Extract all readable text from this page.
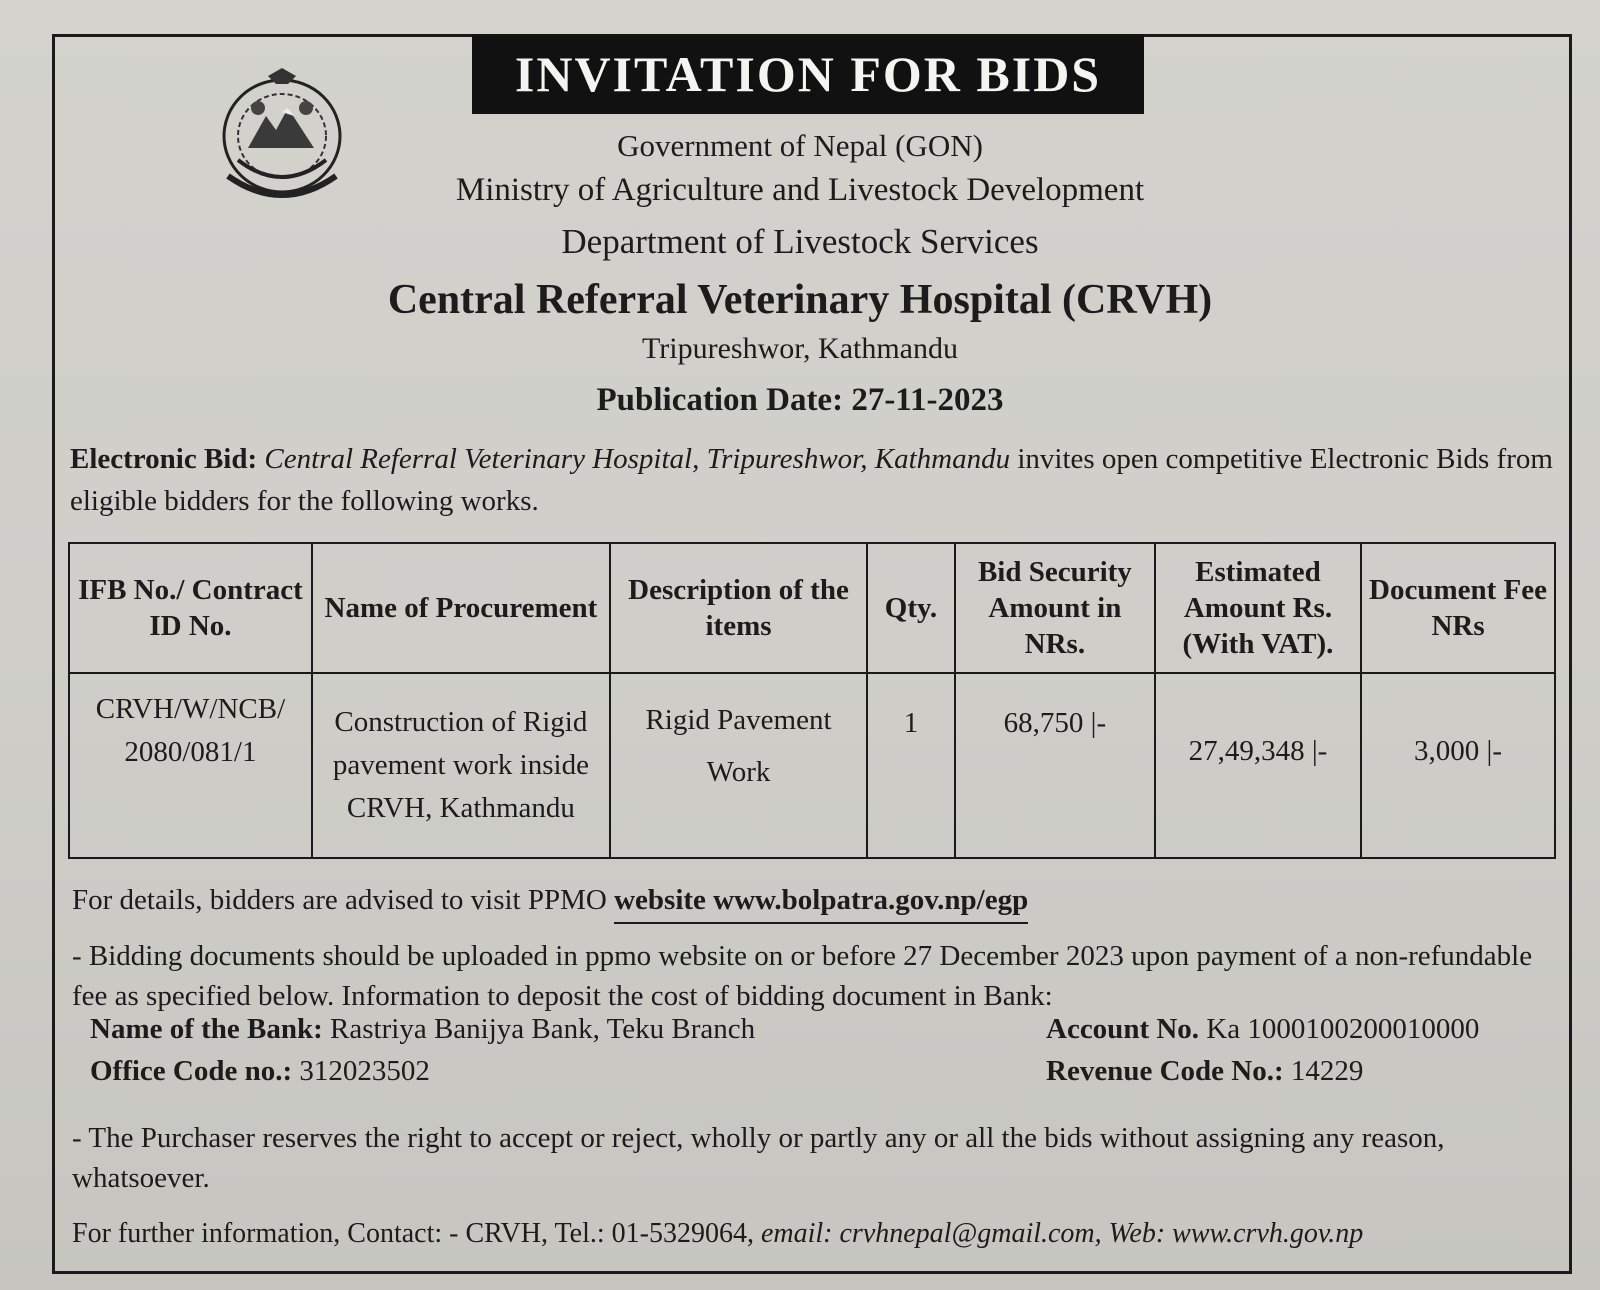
INVITATION FOR BIDS
Government of Nepal (GON)
Ministry of Agriculture and Livestock Development
Department of Livestock Services
Central Referral Veterinary Hospital (CRVH)
Tripureshwor, Kathmandu
Publication Date: 27-11-2023
Electronic Bid: Central Referral Veterinary Hospital, Tripureshwor, Kathmandu invites open competitive Electronic Bids from eligible bidders for the following works.
IFB No./ Contract ID No.	Name of Procurement	Description of the items	Qty.	Bid Security Amount in NRs.	Estimated Amount Rs. (With VAT).	Document Fee NRs
CRVH/W/NCB/ 2080/081/1	Construction of Rigid pavement work inside CRVH, Kathmandu	Rigid Pavement Work	1	68,750 |-	27,49,348 |-	3,000 |-
For details, bidders are advised to visit PPMO website www.bolpatra.gov.np/egp
- Bidding documents should be uploaded in ppmo website on or before 27 December 2023 upon payment of a non-refundable fee as specified below. Information to deposit the cost of bidding document in Bank:
Name of the Bank: Rastriya Banijya Bank, Teku Branch
Office Code no.: 312023502
Account No. Ka 1000100200010000
Revenue Code No.: 14229
- The Purchaser reserves the right to accept or reject, wholly or partly any or all the bids without assigning any reason, whatsoever.
For further information, Contact: - CRVH, Tel.: 01-5329064, email: crvhnepal@gmail.com, Web: www.crvh.gov.np
